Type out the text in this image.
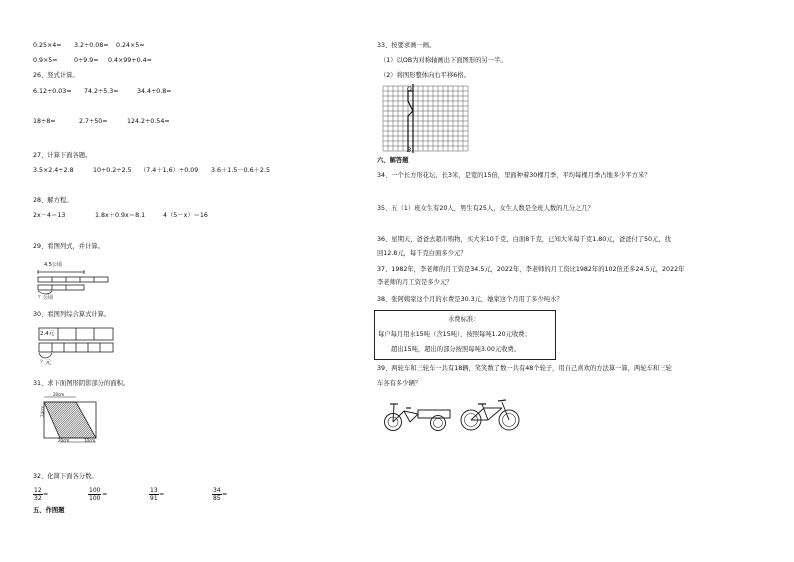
0.25×4= 3.2÷0.08= 0.24×5=
0.9×5=	0÷9.9= 0.4×99+0.4=
26、竖式计算。
6.12÷0.03= 74.2÷5.3=	34.4÷0.8=
18÷8=	2.7÷50=	124.2÷0.54=
27、计算下面各题。
3.5×2.4÷2.8	10÷0.2÷2.5 （7.4＋1.6）÷0.09 3.6＋1.5－0.6＋2.5
28、解方程。
2x－4＝13	1.8x＋0.9x＝8.1	4（5－x）＝16
29、看图列式，并计算。
4.5公顷
？公顷
30、看图列综合算式计算。
2.4元
？元
31、求下面图形阴影部分的面积。
20cm
24cm
20cm	10cm
32、化简下面各分数。
$\frac{12}{32}$ =	$\frac{100}{100}$ =	$\frac{13}{91}$ =	$\frac{34}{85}$ =
五、作图题
33、按要求画一画。
（1）以OB为对称轴画出下面图形的另一半。
（2）将图形整体向右平移6格。
O
B
六、解答题
34、一个长方形花坛，长3米，是宽的15倍，里面种着30棵月季，平均每棵月季占地多少平方米？
35、五（1）班女生有20人，男生有25人，女生人数是全班人数的几分之几？
36、星期天，爸爸去超市购物，买大米10千克，白面8千克，已知大米每千克1.80元，爸爸付了50元，找
回12.8元，每千克白面多少元？
37、1982年，李老师的月工资是34.5元，2022年，李老师的月工资比1982年的102倍还多24.5元，2022年
李老师的月工资是多少元？
38、张阿姨家这个月的水费是30.3元，她家这个月用了多少吨水？
水费标准：
每户每月用水15吨（含15吨），按照每吨1.20元收费；
超出15吨，超出的部分按照每吨3.00元收费。
39、两轮车和三轮车一共有18辆，笑笑数了数一共有48个轮子，用自己喜欢的方法算一算，两轮车和三轮
车各有多少辆？
